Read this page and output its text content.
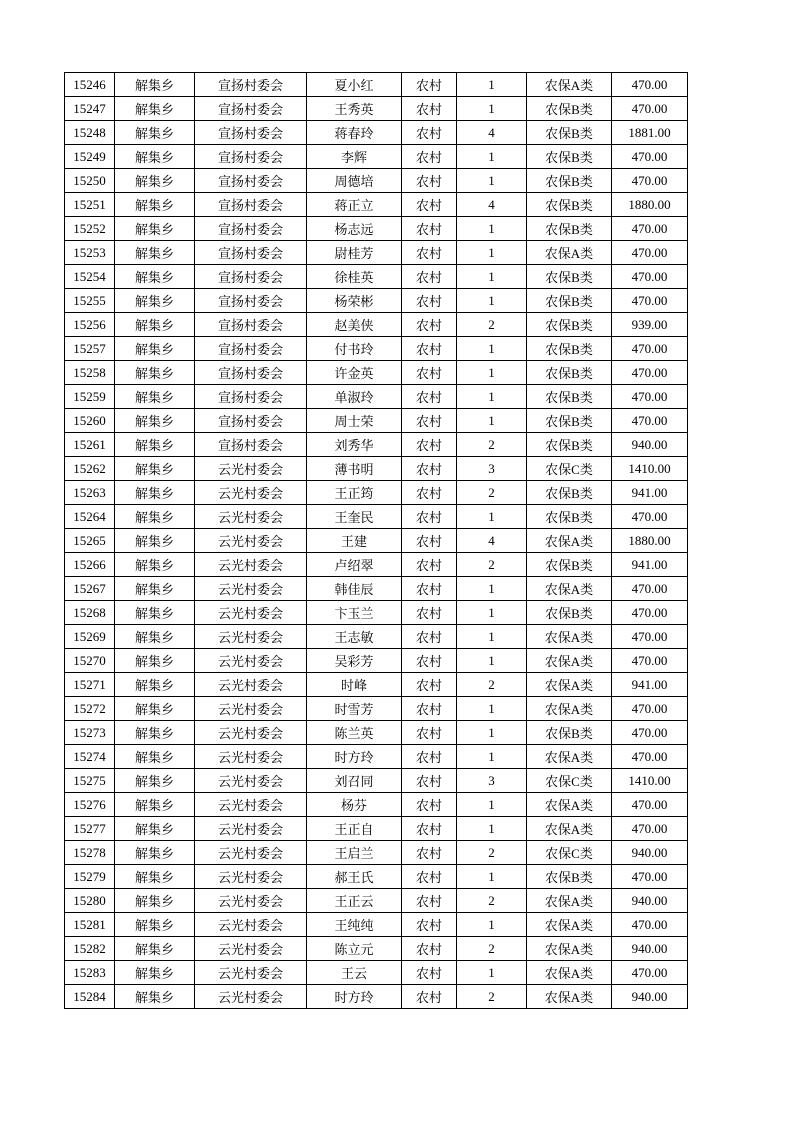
15246	解集乡	宣扬村委会	夏小红	农村	1	农保A类	470.00
15247	解集乡	宣扬村委会	王秀英	农村	1	农保B类	470.00
15248	解集乡	宣扬村委会	蒋春玲	农村	4	农保B类	1881.00
15249	解集乡	宣扬村委会	李辉	农村	1	农保B类	470.00
15250	解集乡	宣扬村委会	周德培	农村	1	农保B类	470.00
15251	解集乡	宣扬村委会	蒋正立	农村	4	农保B类	1880.00
15252	解集乡	宣扬村委会	杨志远	农村	1	农保B类	470.00
15253	解集乡	宣扬村委会	尉桂芳	农村	1	农保A类	470.00
15254	解集乡	宣扬村委会	徐桂英	农村	1	农保B类	470.00
15255	解集乡	宣扬村委会	杨荣彬	农村	1	农保B类	470.00
15256	解集乡	宣扬村委会	赵美侠	农村	2	农保B类	939.00
15257	解集乡	宣扬村委会	付书玲	农村	1	农保B类	470.00
15258	解集乡	宣扬村委会	许金英	农村	1	农保B类	470.00
15259	解集乡	宣扬村委会	单淑玲	农村	1	农保B类	470.00
15260	解集乡	宣扬村委会	周士荣	农村	1	农保B类	470.00
15261	解集乡	宣扬村委会	刘秀华	农村	2	农保B类	940.00
15262	解集乡	云光村委会	薄书明	农村	3	农保C类	1410.00
15263	解集乡	云光村委会	王正筠	农村	2	农保B类	941.00
15264	解集乡	云光村委会	王奎民	农村	1	农保B类	470.00
15265	解集乡	云光村委会	王建	农村	4	农保A类	1880.00
15266	解集乡	云光村委会	卢绍翠	农村	2	农保B类	941.00
15267	解集乡	云光村委会	韩佳辰	农村	1	农保A类	470.00
15268	解集乡	云光村委会	卞玉兰	农村	1	农保B类	470.00
15269	解集乡	云光村委会	王志敏	农村	1	农保A类	470.00
15270	解集乡	云光村委会	吴彩芳	农村	1	农保A类	470.00
15271	解集乡	云光村委会	时峰	农村	2	农保A类	941.00
15272	解集乡	云光村委会	时雪芳	农村	1	农保A类	470.00
15273	解集乡	云光村委会	陈兰英	农村	1	农保B类	470.00
15274	解集乡	云光村委会	时方玲	农村	1	农保A类	470.00
15275	解集乡	云光村委会	刘召同	农村	3	农保C类	1410.00
15276	解集乡	云光村委会	杨芬	农村	1	农保A类	470.00
15277	解集乡	云光村委会	王正自	农村	1	农保A类	470.00
15278	解集乡	云光村委会	王启兰	农村	2	农保C类	940.00
15279	解集乡	云光村委会	郝王氏	农村	1	农保B类	470.00
15280	解集乡	云光村委会	王正云	农村	2	农保A类	940.00
15281	解集乡	云光村委会	王纯纯	农村	1	农保A类	470.00
15282	解集乡	云光村委会	陈立元	农村	2	农保A类	940.00
15283	解集乡	云光村委会	王云	农村	1	农保A类	470.00
15284	解集乡	云光村委会	时方玲	农村	2	农保A类	940.00
